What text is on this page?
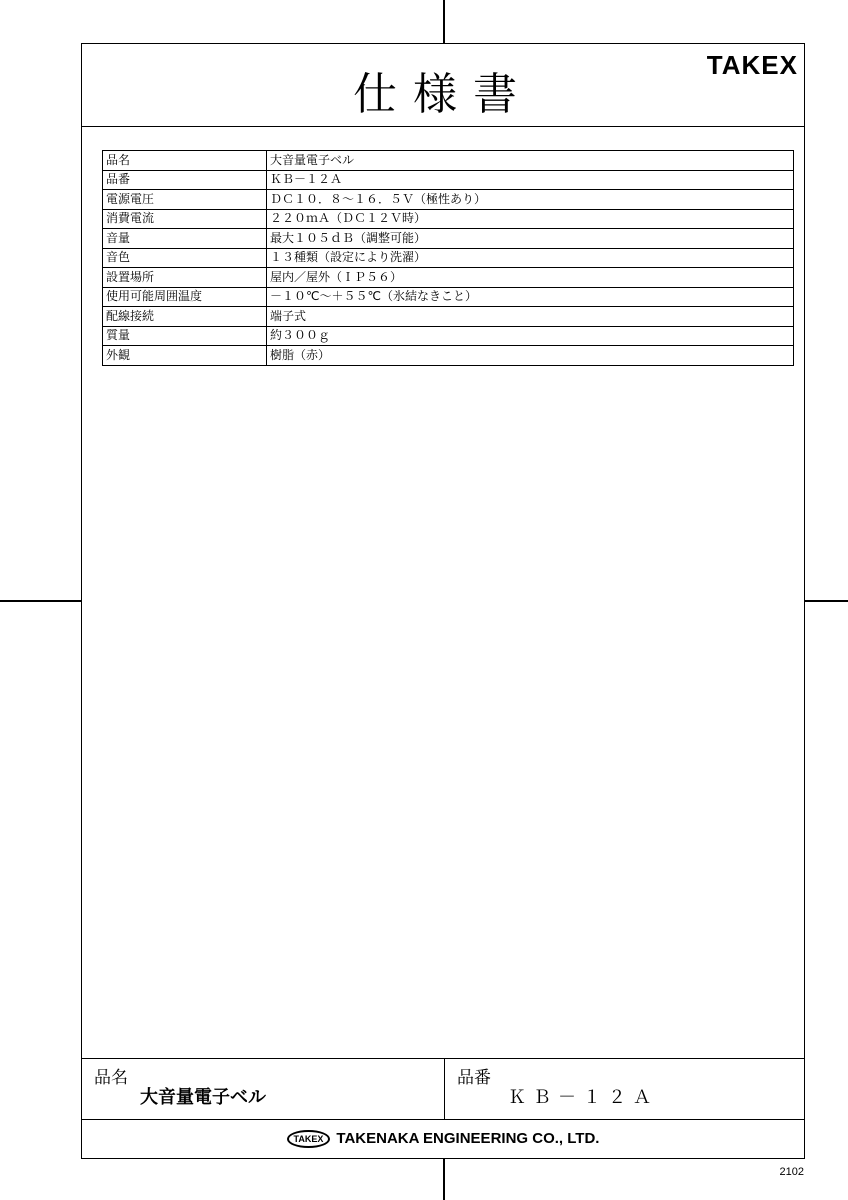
仕様書
TAKEX
品名	大音量電子ベル
品番	ＫＢ－１２Ａ
電源電圧	ＤＣ１０．８～１６．５Ｖ（極性あり）
消費電流	２２０ｍＡ（ＤＣ１２Ｖ時）
音量	最大１０５ｄＢ（調整可能）
音色	１３種類（設定により洗濯）
設置場所	屋内／屋外（ＩＰ５６）
使用可能周囲温度	－１０℃～＋５５℃（氷結なきこと）
配線接続	端子式
質量	約３００ｇ
外観	樹脂（赤）
品名
大音量電子ベル
品番
ＫＢ－１２Ａ
TAKEX TAKENAKA ENGINEERING CO., LTD.
2102
